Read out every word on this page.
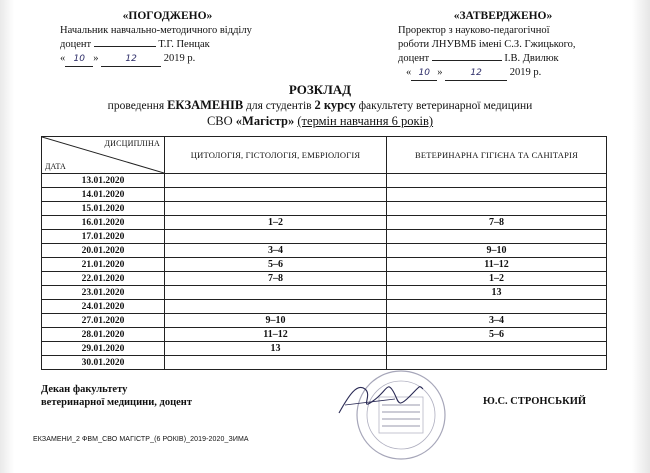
«ПОГОДЖЕНО»
Начальник навчально-методичного відділу
доцент	Т.Г. Пенцак
« 10 »	12	2019 р.
«ЗАТВЕРДЖЕНО»
Проректор з науково-педагогічної
роботи ЛНУВМБ імені С.З. Гжицького,
доцент	І.В. Двилюк
« 10 »	12	2019 р.
РОЗКЛАД
проведення ЕКЗАМЕНІВ для студентів 2 курсу факультету ветеринарної медицини
СВО «Магістр» (термін навчання 6 років)
ДИСЦИПЛІНА
ДАТА	ЦИТОЛОГІЯ, ГІСТОЛОГІЯ, ЕМБРІОЛОГІЯ	ВЕТЕРИНАРНА ГІГІЄНА ТА САНІТАРІЯ
13.01.2020		
14.01.2020		
15.01.2020		
16.01.2020	1–2	7–8
17.01.2020		
20.01.2020	3–4	9–10
21.01.2020	5–6	11–12
22.01.2020	7–8	1–2
23.01.2020		13
24.01.2020		
27.01.2020	9–10	3–4
28.01.2020	11–12	5–6
29.01.2020	13	
30.01.2020		
Декан факультету
ветеринарної медицини, доцент	Ю.С. СТРОНСЬКИЙ
ЕКЗАМЕНИ_2 ФВМ_СВО МАГІСТР_(6 РОКІВ)_2019-2020_ЗИМА
